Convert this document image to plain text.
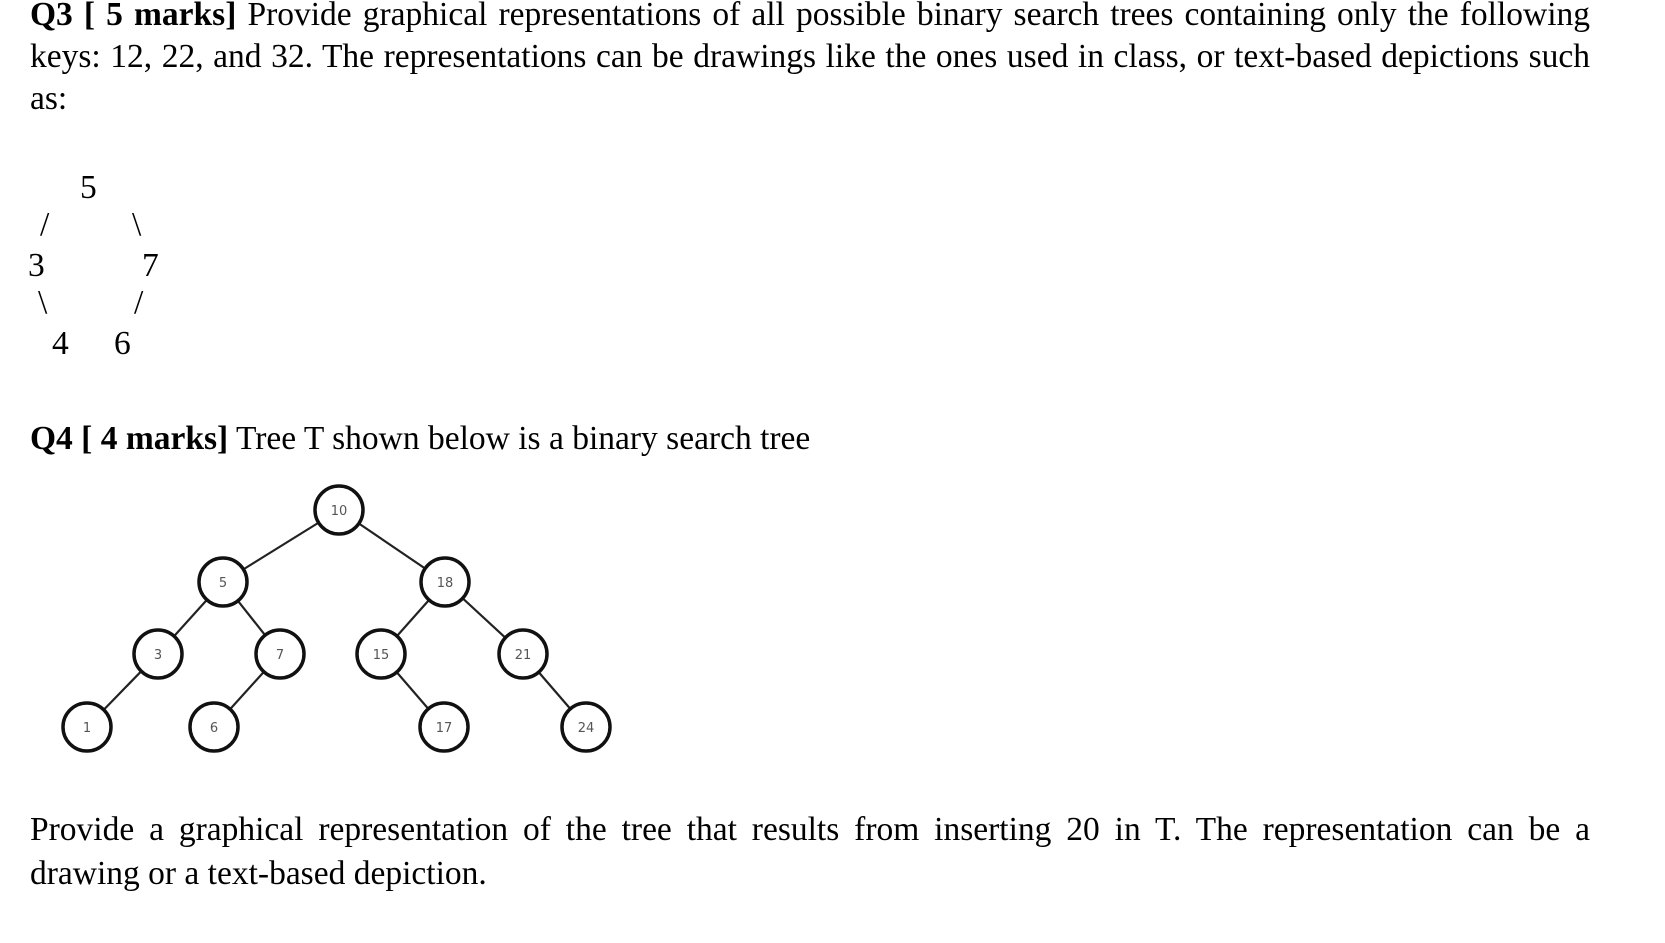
Q3 [ 5 marks] Provide graphical representations of all possible binary search trees containing only the following keys: 12, 22, and 32. The representations can be drawings like the ones used in class, or text-based depictions such as:
5
/ \
3	7
\	/
4 6
Q4 [ 4 marks] Tree T shown below is a binary search tree
10
5	18
3	7	15	21
1	6	17	24
Provide a graphical representation of the tree that results from inserting 20 in T. The representation can be a drawing or a text-based depiction.
